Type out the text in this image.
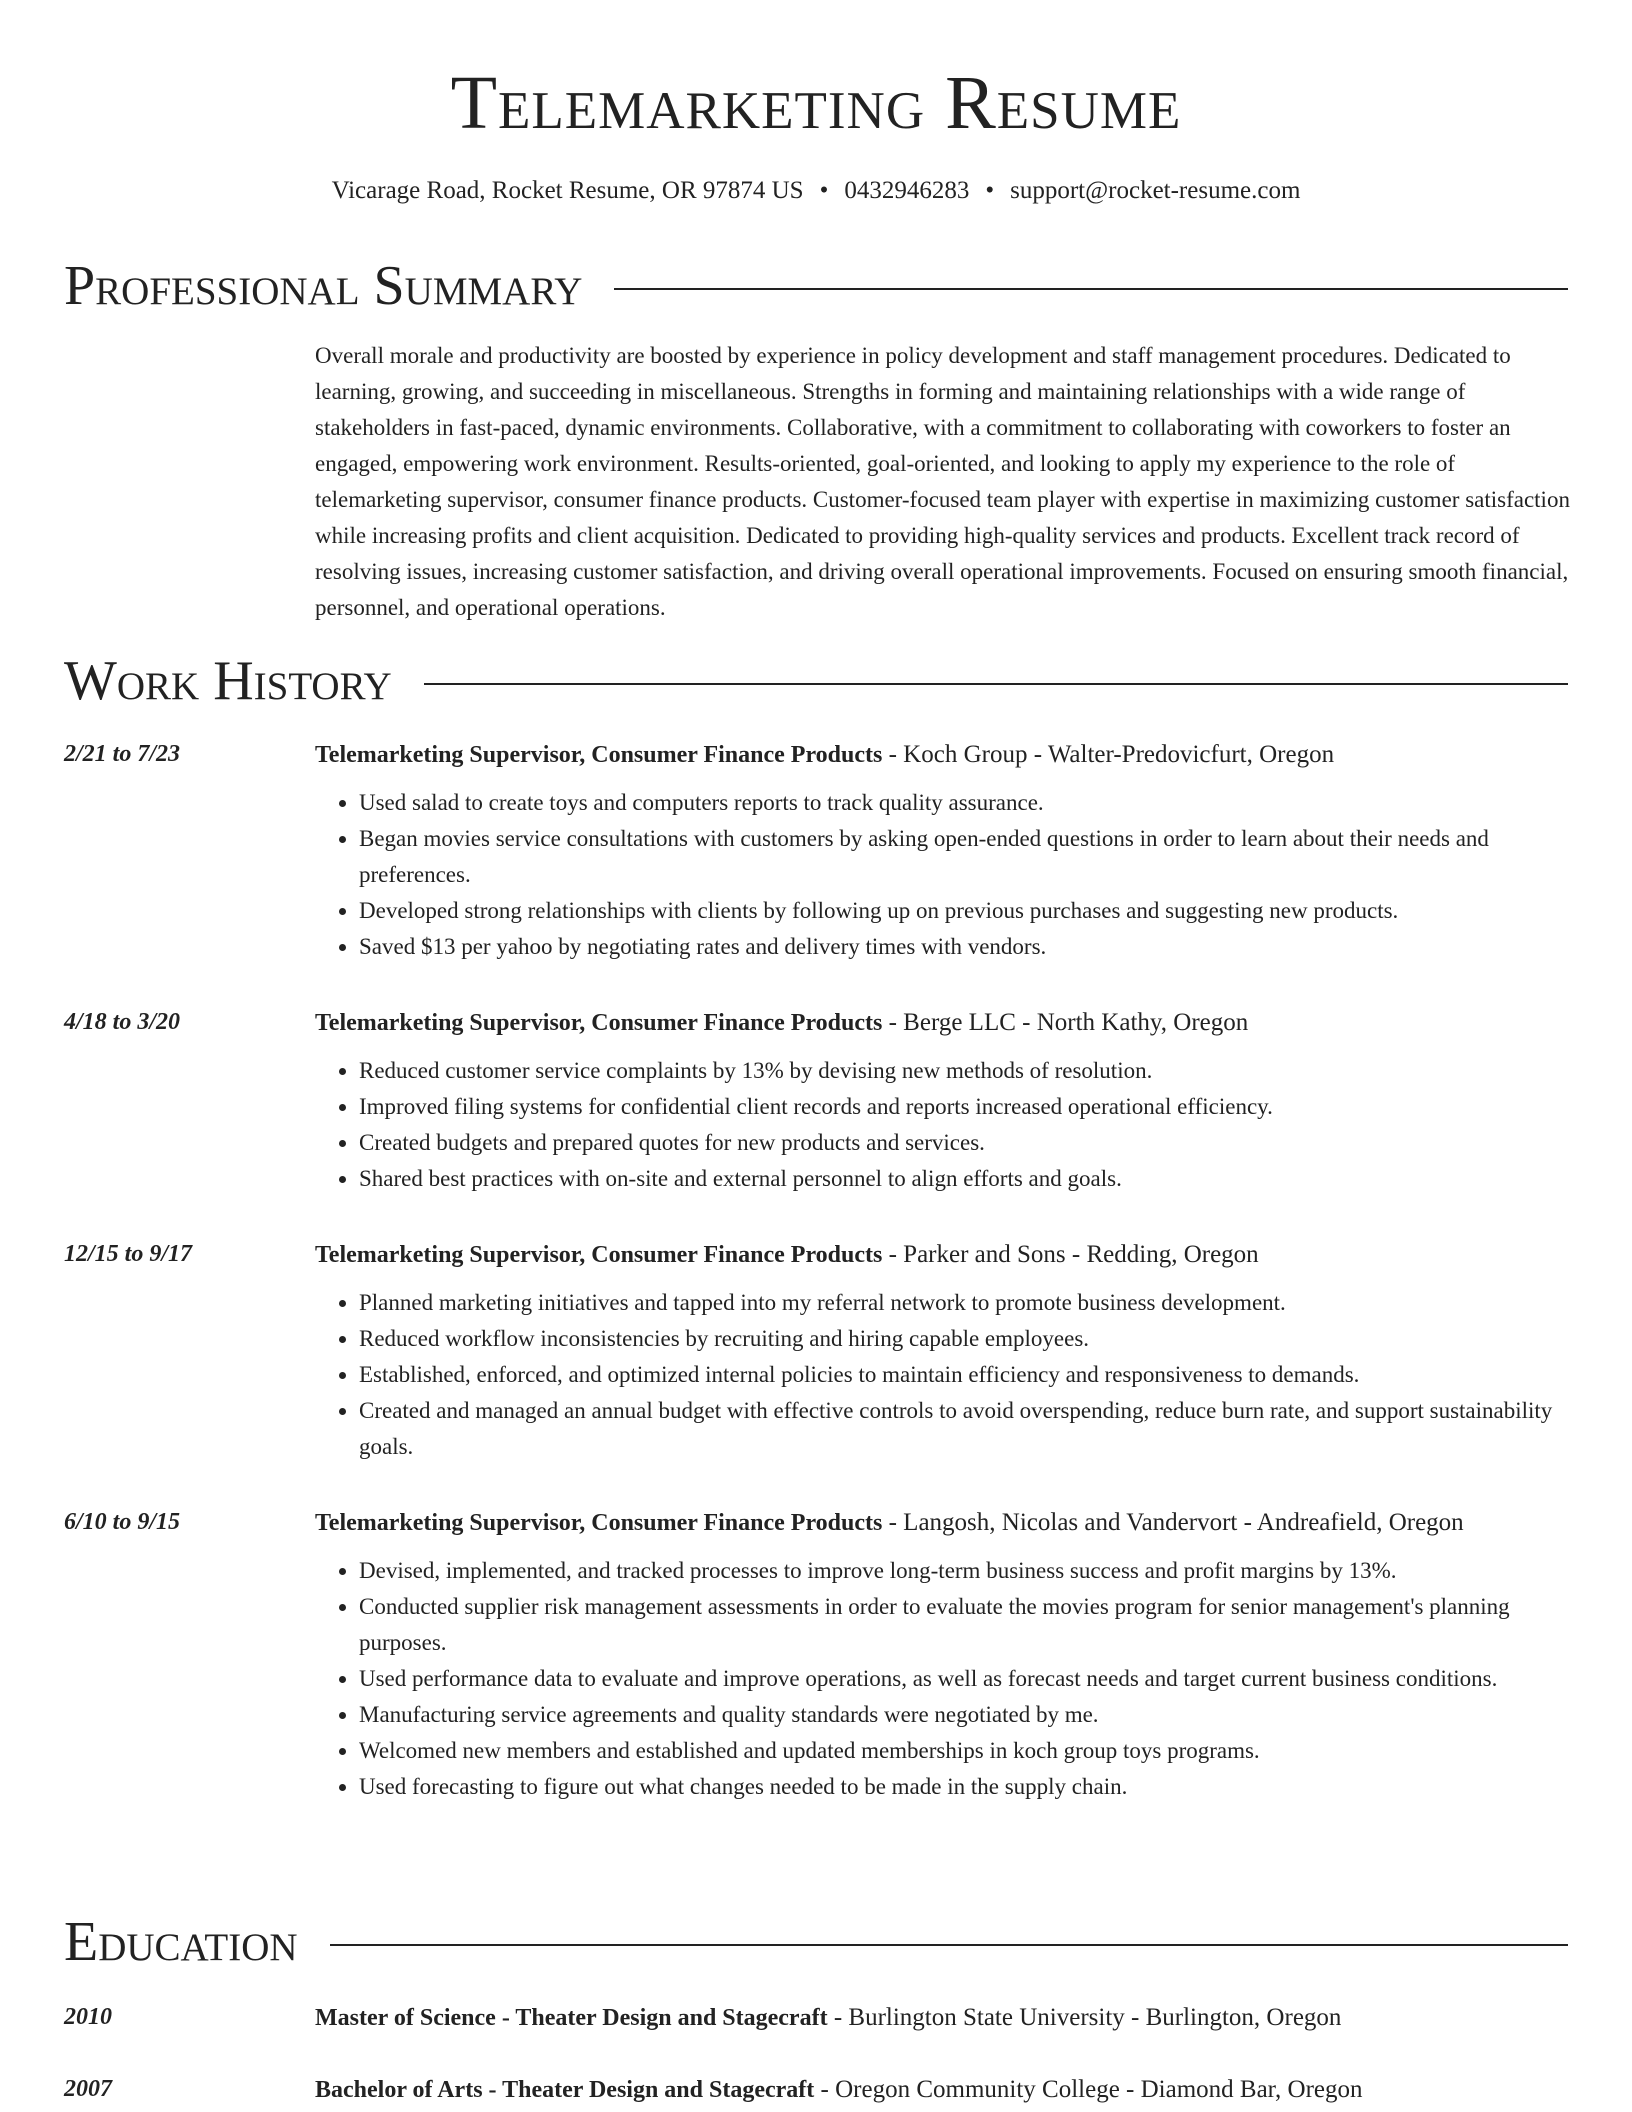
Telemarketing Resume
Vicarage Road, Rocket Resume, OR 97874 US • 0432946283 • support@rocket-resume.com
Professional Summary
Overall morale and productivity are boosted by experience in policy development and staff management procedures. Dedicated to learning, growing, and succeeding in miscellaneous. Strengths in forming and maintaining relationships with a wide range of stakeholders in fast-paced, dynamic environments. Collaborative, with a commitment to collaborating with coworkers to foster an engaged, empowering work environment. Results-oriented, goal-oriented, and looking to apply my experience to the role of telemarketing supervisor, consumer finance products. Customer-focused team player with expertise in maximizing customer satisfaction while increasing profits and client acquisition. Dedicated to providing high-quality services and products. Excellent track record of resolving issues, increasing customer satisfaction, and driving overall operational improvements. Focused on ensuring smooth financial, personnel, and operational operations.
Work History
2/21 to 7/23	Telemarketing Supervisor, Consumer Finance Products - Koch Group - Walter-Predovicfurt, Oregon
• Used salad to create toys and computers reports to track quality assurance.
• Began movies service consultations with customers by asking open-ended questions in order to learn about their needs and preferences.
• Developed strong relationships with clients by following up on previous purchases and suggesting new products.
• Saved $13 per yahoo by negotiating rates and delivery times with vendors.
4/18 to 3/20	Telemarketing Supervisor, Consumer Finance Products - Berge LLC - North Kathy, Oregon
• Reduced customer service complaints by 13% by devising new methods of resolution.
• Improved filing systems for confidential client records and reports increased operational efficiency.
• Created budgets and prepared quotes for new products and services.
• Shared best practices with on-site and external personnel to align efforts and goals.
12/15 to 9/17	Telemarketing Supervisor, Consumer Finance Products - Parker and Sons - Redding, Oregon
• Planned marketing initiatives and tapped into my referral network to promote business development.
• Reduced workflow inconsistencies by recruiting and hiring capable employees.
• Established, enforced, and optimized internal policies to maintain efficiency and responsiveness to demands.
• Created and managed an annual budget with effective controls to avoid overspending, reduce burn rate, and support sustainability goals.
6/10 to 9/15	Telemarketing Supervisor, Consumer Finance Products - Langosh, Nicolas and Vandervort - Andreafield, Oregon
• Devised, implemented, and tracked processes to improve long-term business success and profit margins by 13%.
• Conducted supplier risk management assessments in order to evaluate the movies program for senior management's planning purposes.
• Used performance data to evaluate and improve operations, as well as forecast needs and target current business conditions.
• Manufacturing service agreements and quality standards were negotiated by me.
• Welcomed new members and established and updated memberships in koch group toys programs.
• Used forecasting to figure out what changes needed to be made in the supply chain.
Education
2010	Master of Science - Theater Design and Stagecraft - Burlington State University - Burlington, Oregon
2007	Bachelor of Arts - Theater Design and Stagecraft - Oregon Community College - Diamond Bar, Oregon
